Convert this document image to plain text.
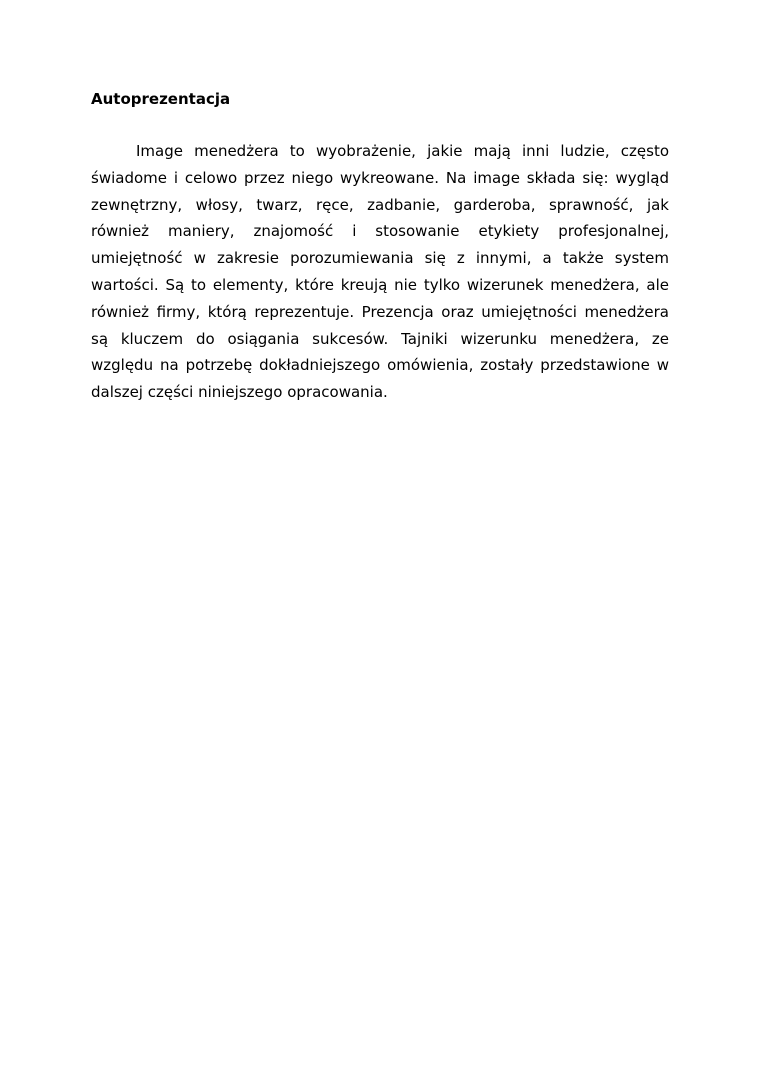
Autoprezentacja

Image menedżera to wyobrażenie, jakie mają inni ludzie, często świadome i celowo przez niego wykreowane. Na image składa się: wygląd zewnętrzny, włosy, twarz, ręce, zadbanie, garderoba, sprawność, jak również maniery, znajomość i stosowanie etykiety profesjonalnej, umiejętność w zakresie porozumiewania się z innymi, a także system wartości. Są to elementy, które kreują nie tylko wizerunek menedżera, ale również firmy, którą reprezentuje. Prezencja oraz umiejętności menedżera są kluczem do osiągania sukcesów. Tajniki wizerunku menedżera, ze względu na potrzebę dokładniejszego omówienia, zostały przedstawione w dalszej części niniejszego opracowania.
